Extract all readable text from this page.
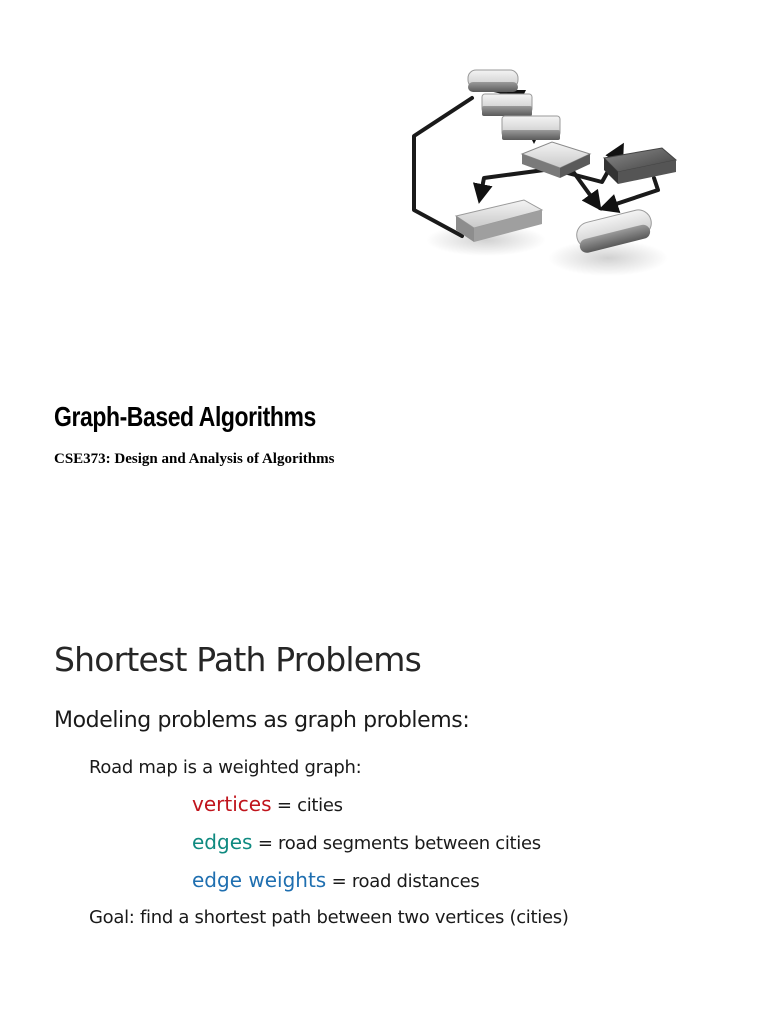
Graph-Based Algorithms

CSE373: Design and Analysis of Algorithms

Shortest Path Problems
Modeling problems as graph problems:
Road map is a weighted graph:
vertices = cities
edges = road segments between cities
edge weights = road distances
Goal: find a shortest path between two vertices (cities)
